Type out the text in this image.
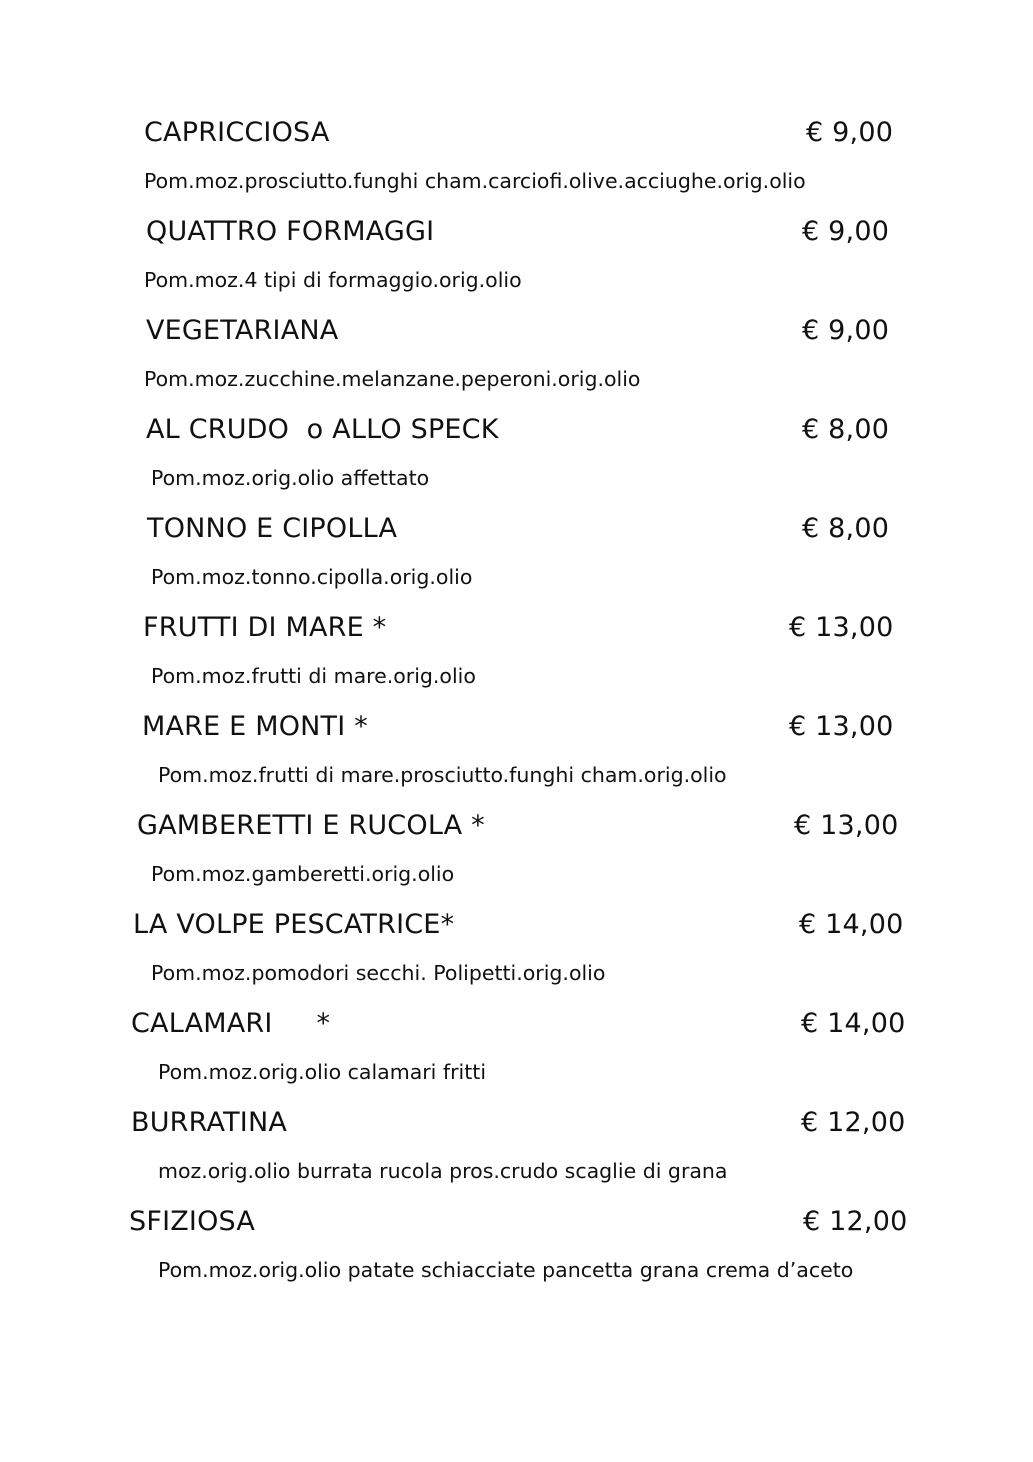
CAPRICCIOSA	€ 9,00
Pom.moz.prosciutto.funghi cham.carciofi.olive.acciughe.orig.olio
QUATTRO FORMAGGI	€ 9,00
Pom.moz.4 tipi di formaggio.orig.olio
VEGETARIANA	€ 9,00
Pom.moz.zucchine.melanzane.peperoni.orig.olio
AL CRUDO  o ALLO SPECK	€ 8,00
Pom.moz.orig.olio affettato
TONNO E CIPOLLA	€ 8,00
Pom.moz.tonno.cipolla.orig.olio
FRUTTI DI MARE *	€ 13,00
Pom.moz.frutti di mare.orig.olio
MARE E MONTI *	€ 13,00
Pom.moz.frutti di mare.prosciutto.funghi cham.orig.olio
GAMBERETTI E RUCOLA *	€ 13,00
Pom.moz.gamberetti.orig.olio
LA VOLPE PESCATRICE*	€ 14,00
Pom.moz.pomodori secchi. Polipetti.orig.olio
CALAMARI     *	€ 14,00
Pom.moz.orig.olio calamari fritti
BURRATINA	€ 12,00
moz.orig.olio burrata rucola pros.crudo scaglie di grana
SFIZIOSA	€ 12,00
Pom.moz.orig.olio patate schiacciate pancetta grana crema d’aceto
